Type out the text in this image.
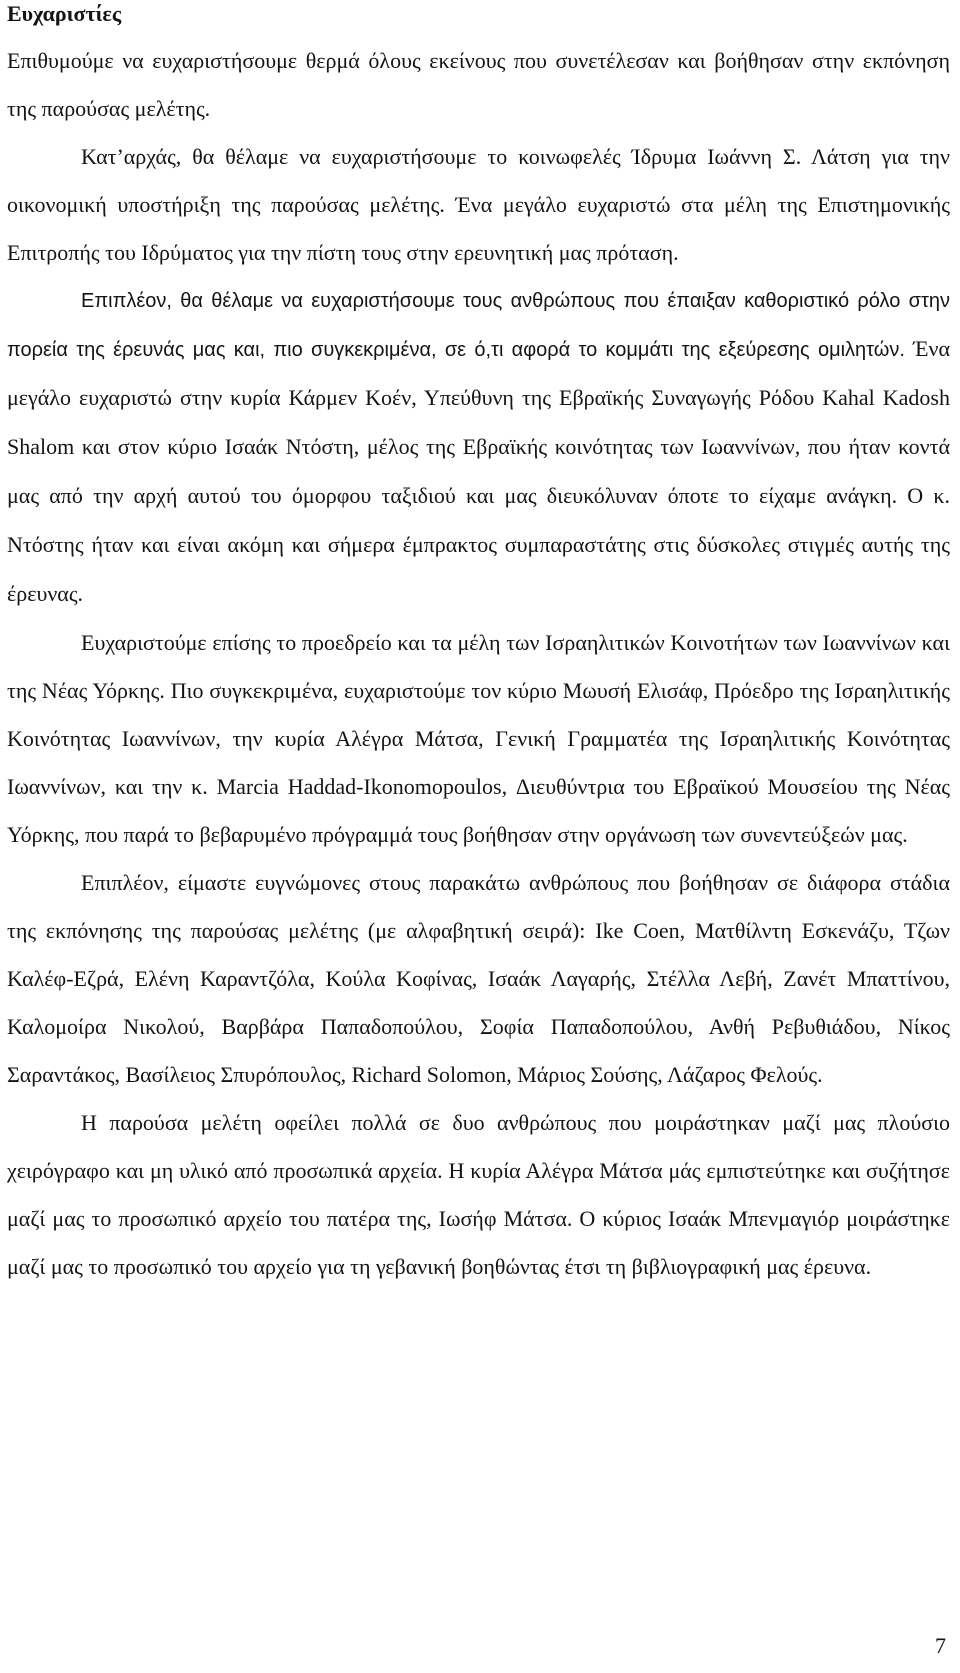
Ευχαριστίες

Επιθυμούμε να ευχαριστήσουμε θερμά όλους εκείνους που συνετέλεσαν και βοήθησαν στην εκπόνηση της παρούσας μελέτης.

Κατ’αρχάς, θα θέλαμε να ευχαριστήσουμε το κοινωφελές Ίδρυμα Ιωάννη Σ. Λάτση για την οικονομική υποστήριξη της παρούσας μελέτης. Ένα μεγάλο ευχαριστώ στα μέλη της Επιστημονικής Επιτροπής του Ιδρύματος για την πίστη τους στην ερευνητική μας πρόταση.

Επιπλέον, θα θέλαμε να ευχαριστήσουμε τους ανθρώπους που έπαιξαν καθοριστικό ρόλο στην πορεία της έρευνάς μας και, πιο συγκεκριμένα, σε ό,τι αφορά το κομμάτι της εξεύρεσης ομιλητών. Ένα μεγάλο ευχαριστώ στην κυρία Κάρμεν Κοέν, Υπεύθυνη της Εβραϊκής Συναγωγής Ρόδου Kahal Kadosh Shalom και στον κύριο Ισαάκ Ντόστη, μέλος της Εβραϊκής κοινότητας των Ιωαννίνων, που ήταν κοντά μας από την αρχή αυτού του όμορφου ταξιδιού και μας διευκόλυναν όποτε το είχαμε ανάγκη. Ο κ. Ντόστης ήταν και είναι ακόμη και σήμερα έμπρακτος συμπαραστάτης στις δύσκολες στιγμές αυτής της έρευνας.

Ευχαριστούμε επίσης το προεδρείο και τα μέλη των Ισραηλιτικών Κοινοτήτων των Ιωαννίνων και της Νέας Υόρκης. Πιο συγκεκριμένα, ευχαριστούμε τον κύριο Μωυσή Ελισάφ, Πρόεδρο της Ισραηλιτικής Κοινότητας Ιωαννίνων, την κυρία Αλέγρα Μάτσα, Γενική Γραμματέα της Ισραηλιτικής Κοινότητας Ιωαννίνων, και την κ. Marcia Haddad-Ikonomopoulos, Διευθύντρια του Εβραϊκού Μουσείου της Νέας Υόρκης, που παρά το βεβαρυμένο πρόγραμμά τους βοήθησαν στην οργάνωση των συνεντεύξεών μας.

Επιπλέον, είμαστε ευγνώμονες στους παρακάτω ανθρώπους που βοήθησαν σε διάφορα στάδια της εκπόνησης της παρούσας μελέτης (με αλφαβητική σειρά): Ike Coen, Ματθίλντη Εσκενάζυ, Τζων Καλέφ-Εζρά, Ελένη Καραντζόλα, Κούλα Κοφίνας, Ισαάκ Λαγαρής, Στέλλα Λεβή, Ζανέτ Μπαττίνου, Καλομοίρα Νικολού, Βαρβάρα Παπαδοπούλου, Σοφία Παπαδοπούλου, Ανθή Ρεβυθιάδου, Νίκος Σαραντάκος, Βασίλειος Σπυρόπουλος, Richard Solomon, Μάριος Σούσης, Λάζαρος Φελούς.

Η παρούσα μελέτη οφείλει πολλά σε δυο ανθρώπους που μοιράστηκαν μαζί μας πλούσιο χειρόγραφο και μη υλικό από προσωπικά αρχεία. Η κυρία Αλέγρα Μάτσα μάς εμπιστεύτηκε και συζήτησε μαζί μας το προσωπικό αρχείο του πατέρα της, Ιωσήφ Μάτσα. Ο κύριος Ισαάκ Μπενμαγιόρ μοιράστηκε μαζί μας το προσωπικό του αρχείο για τη γεβανική βοηθώντας έτσι τη βιβλιογραφική μας έρευνα.

7
